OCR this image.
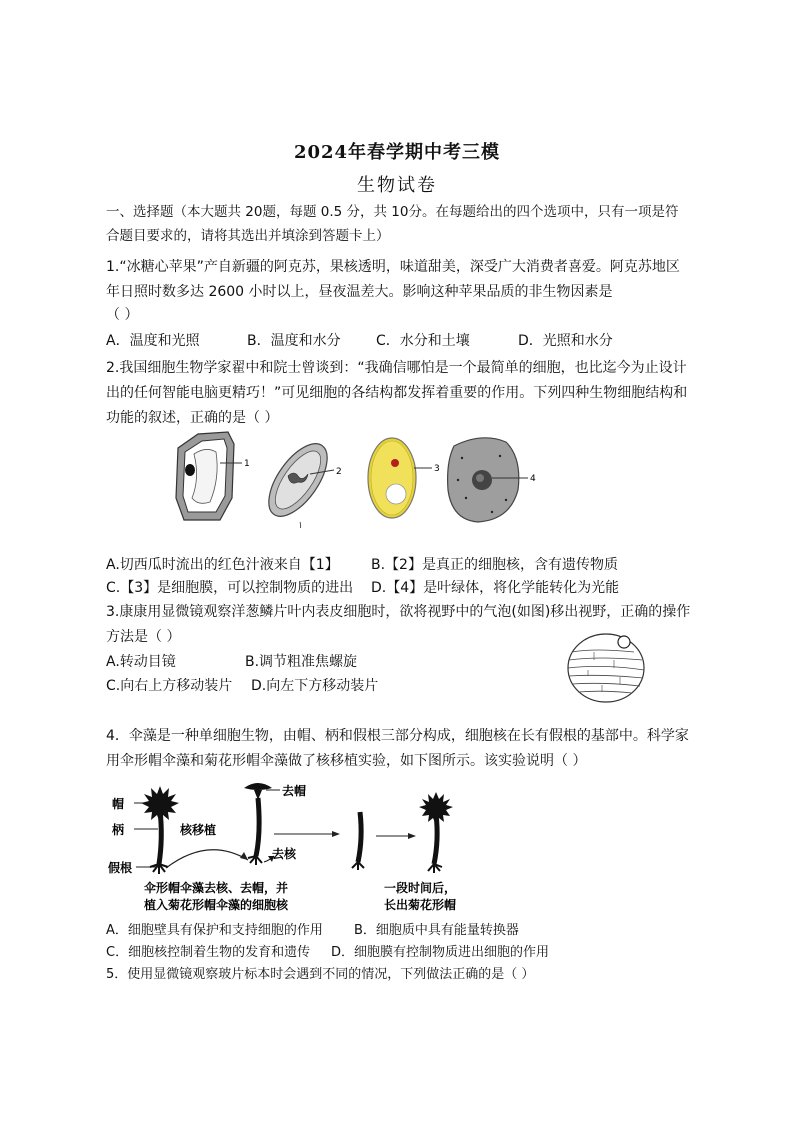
2024年春学期中考三模
生物试卷
一、选择题（本大题共 20题，每题 0.5 分，共 10分。在每题给出的四个选项中，只有一项是符
合题目要求的，请将其选出并填涂到答题卡上）
1.“冰糖心苹果”产自新疆的阿克苏，果核透明，味道甜美，深受广大消费者喜爱。阿克苏地区
年日照时数多达 2600 小时以上，昼夜温差大。影响这种苹果品质的非生物因素是
（ ）
A．温度和光照	B．温度和水分	C．水分和土壤	D．光照和水分
2.我国细胞生物学家翟中和院士曾谈到：“我确信哪怕是一个最简单的细胞，也比迄今为止设计
出的任何智能电脑更精巧！”可见细胞的各结构都发挥着重要的作用。下列四种生物细胞结构和
功能的叙述，正确的是（ ）
1
2	3
4
A.切西瓜时流出的红色汁液来自【1】 B.【2】是真正的细胞核，含有遗传物质
C.【3】是细胞膜，可以控制物质的进出 D.【4】是叶绿体，将化学能转化为光能
3.康康用显微镜观察洋葱鳞片叶内表皮细胞时，欲将视野中的气泡(如图)移出视野，正确的操作
方法是（ ）
A.转动目镜	B.调节粗准焦螺旋
C.向右上方移动装片 D.向左下方移动装片
4．伞藻是一种单细胞生物，由帽、柄和假根三部分构成，细胞核在长有假根的基部中。科学家
用伞形帽伞藻和菊花形帽伞藻做了核移植实验，如下图所示。该实验说明（ ）
帽
柄
假根
核移植
去帽
去核
伞形帽伞藻去核、去帽，并
植入菊花形帽伞藻的细胞核
一段时间后，
长出菊花形帽
A．细胞壁具有保护和支持细胞的作用 B．细胞质中具有能量转换器
C．细胞核控制着生物的发育和遗传 D．细胞膜有控制物质进出细胞的作用
5．使用显微镜观察玻片标本时会遇到不同的情况，下列做法正确的是（ ）
